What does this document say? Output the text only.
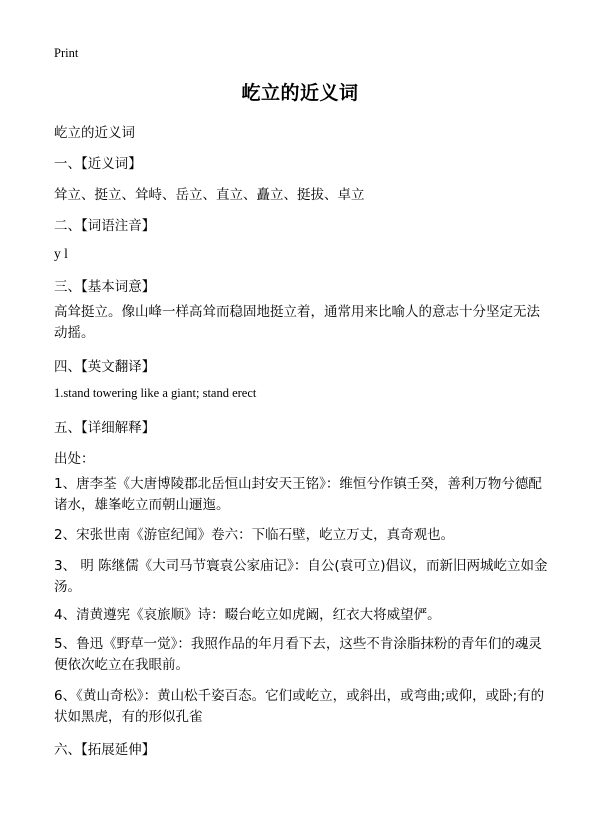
Print
屹立的近义词
屹立的近义词
一、【近义词】
耸立、挺立、耸峙、岳立、直立、矗立、挺拔、卓立
二、【词语注音】
y l
三、【基本词意】
高耸挺立。像山峰一样高耸而稳固地挺立着，通常用来比喻人的意志十分坚定无法动摇。
四、【英文翻译】
1.stand towering like a giant; stand erect
五、【详细解释】
出处：
1、唐李荃《大唐博陵郡北岳恒山封安天王铭》：维恒兮作镇壬癸，善利万物兮德配诸水，雄峯屹立而朝山逦迤。
2、宋张世南《游宦纪闻》卷六：下临石壁，屹立万丈，真奇观也。
3、 明 陈继儒《大司马节寰袁公家庙记》：自公(袁可立)倡议，而新旧两城屹立如金汤。
4、清黄遵宪《哀旅顺》诗：畷台屹立如虎阚，红衣大将威望俨。
5、鲁迅《野草一觉》：我照作品的年月看下去，这些不肯涂脂抹粉的青年们的魂灵便依次屹立在我眼前。
6、《黄山奇松》：黄山松千姿百态。它们或屹立，或斜出，或弯曲;或仰，或卧;有的状如黑虎，有的形似孔雀
六、【拓展延伸】
